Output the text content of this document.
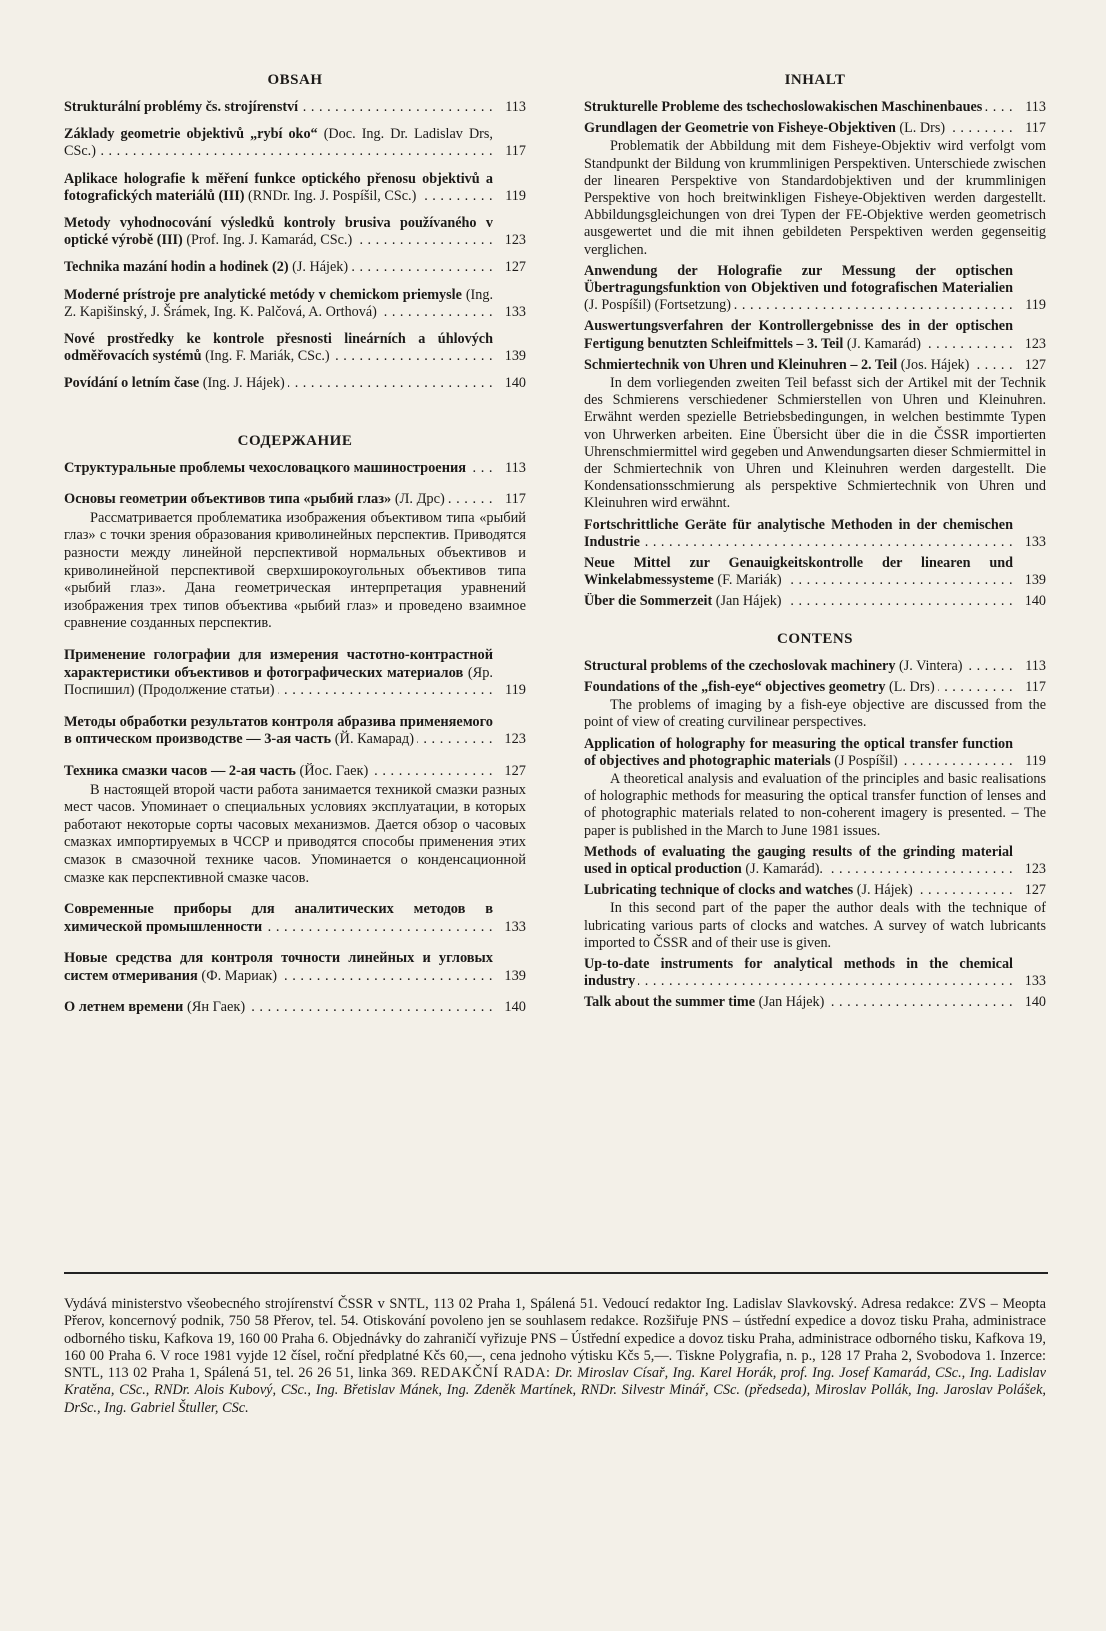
OBSAH
Strukturální problémy čs. strojírenství . . .	113
Základy geometrie objektivů „rybí oko“ (Doc. Ing. Dr. Ladislav Drs, CSc.) . . .	117
Aplikace holografie k měření funkce optického přenosu objektivů a fotografických materiálů (III) (RNDr. Ing. J. Pospíšil, CSc.) . . .	119
Metody vyhodnocování výsledků kontroly brusiva používaného v optické výrobě (III) (Prof. Ing. J. Kamarád, CSc.) . . .	123
Technika mazání hodin a hodinek (2) (J. Hájek) . . .	127
Moderné prístroje pre analytické metódy v chemickom priemysle (Ing. Z. Kapišinský, J. Šrámek, Ing. K. Palčová, A. Orthová) . . .	133
Nové prostředky ke kontrole přesnosti lineárních a úhlových odměřovacích systémů (Ing. F. Mariák, CSc.) . . .	139
Povídání o letním čase (Ing. J. Hájek) . . .	140
СОДЕРЖАНИЕ
Структуральные проблемы чехословацкого машиностроения . . .	113
Основы геометрии объективов типа «рыбий глаз» (Л. Дрс) . . .	117
Рассматривается проблематика изображения объективом типа «рыбий глаз» с точки зрения образования криволинейных перспектив. Приводятся разности между линейной перспективой нормальных объективов и криволинейной перспективой сверхширокоугольных объективов типа «рыбий глаз». Дана геометрическая интерпретация уравнений изображения трех типов объектива «рыбий глаз» и проведено взаимное сравнение созданных перспектив.
Применение голографии для измерения частотно-контрастной характеристики объективов и фотографических материалов (Яр. Поспишил) (Продолжение статьи) . . .	119
Методы обработки результатов контроля абразива применяемого в оптическом производстве — 3-ая часть (Й. Камарад) . . .	123
Техника смазки часов — 2-ая часть (Йос. Гаек) . . .	127
В настоящей второй части работа занимается техникой смазки разных мест часов. Упоминает о специальных условиях эксплуатации, в которых работают некоторые сорты часовых механизмов. Дается обзор о часовых смазках импортируемых в ЧССР и приводятся способы применения этих смазок в смазочной технике часов. Упоминается о конденсационной смазке как перспективной смазке часов.
Современные приборы для аналитических методов в химической промышленности . . .	133
Новые средства для контроля точности линейных и угловых систем отмеривания (Ф. Мариак) . . .	139
О летнем времени (Ян Гаек) . . .	140
INHALT
Strukturelle Probleme des tschechoslowakischen Maschinenbaues . . .	113
Grundlagen der Geometrie von Fisheye-Objektiven (L. Drs) . . .	117
Problematik der Abbildung mit dem Fisheye-Objektiv wird verfolgt vom Standpunkt der Bildung von krummlinigen Perspektiven. Unterschiede zwischen der linearen Perspektive von Standardobjektiven und der krummlinigen Perspektive von hoch breitwinkligen Fisheye-Objektiven werden dargestellt. Abbildungsgleichungen von drei Typen der FE-Objektive werden geometrisch ausgewertet und die mit ihnen gebildeten Perspektiven werden gegenseitig verglichen.
Anwendung der Holografie zur Messung der optischen Übertragungsfunktion von Objektiven und fotografischen Materialien (J. Pospíšil) (Fortsetzung) . . .	119
Auswertungsverfahren der Kontrollergebnisse des in der optischen Fertigung benutzten Schleifmittels – 3. Teil (J. Kamarád) . . .	123
Schmiertechnik von Uhren und Kleinuhren – 2. Teil (Jos. Hájek) . . .	127
In dem vorliegenden zweiten Teil befasst sich der Artikel mit der Technik des Schmierens verschiedener Schmierstellen von Uhren und Kleinuhren. Erwähnt werden spezielle Betriebsbedingungen, in welchen bestimmte Typen von Uhrwerken arbeiten. Eine Übersicht über die in die ČSSR importierten Uhrenschmiermittel wird gegeben und Anwendungsarten dieser Schmiermittel in der Schmiertechnik von Uhren und Kleinuhren werden dargestellt. Die Kondensationsschmierung als perspektive Schmiertechnik von Uhren und Kleinuhren wird erwähnt.
Fortschrittliche Geräte für analytische Methoden in der chemischen Industrie . . .	133
Neue Mittel zur Genauigkeitskontrolle der linearen und Winkelabmessysteme (F. Mariák) . . .	139
Über die Sommerzeit (Jan Hájek) . . .	140
CONTENS
Structural problems of the czechoslovak machinery (J. Vintera) . . .	113
Foundations of the „fish-eye“ objectives geometry (L. Drs) . . .	117
The problems of imaging by a fish-eye objective are discussed from the point of view of creating curvilinear perspectives.
Application of holography for measuring the optical transfer function of objectives and photographic materials (J Pospíšil) . . .	119
A theoretical analysis and evaluation of the principles and basic realisations of holographic methods for measuring the optical transfer function of lenses and of photographic materials related to non-coherent imagery is presented. – The paper is published in the March to June 1981 issues.
Methods of evaluating the gauging results of the grinding material used in optical production (J. Kamarád). . . .	123
Lubricating technique of clocks and watches (J. Hájek) . . .	127
In this second part of the paper the author deals with the technique of lubricating various parts of clocks and watches. A survey of watch lubricants imported to ČSSR and of their use is given.
Up-to-date instruments for analytical methods in the chemical industry . . .	133
Talk about the summer time (Jan Hájek) . . .	140
Vydává ministerstvo všeobecného strojírenství ČSSR v SNTL, 113 02 Praha 1, Spálená 51. Vedoucí redaktor Ing. Ladislav Slavkovský. Adresa redakce: ZVS – Meopta Přerov, koncernový podnik, 750 58 Přerov, tel. 54. Otiskování povoleno jen se souhlasem redakce. Rozšiřuje PNS – ústřední expedice a dovoz tisku Praha, administrace odborného tisku, Kafkova 19, 160 00 Praha 6. Objednávky do zahraničí vyřizuje PNS – Ústřední expedice a dovoz tisku Praha, administrace odborného tisku, Kafkova 19, 160 00 Praha 6. V roce 1981 vyjde 12 čísel, roční předplatné Kčs 60,—, cena jednoho výtisku Kčs 5,—. Tiskne Polygrafia, n. p., 128 17 Praha 2, Svobodova 1. Inzerce: SNTL, 113 02 Praha 1, Spálená 51, tel. 26 26 51, linka 369. REDAKČNÍ RADA: Dr. Miroslav Císař, Ing. Karel Horák, prof. Ing. Josef Kamarád, CSc., Ing. Ladislav Kratěna, CSc., RNDr. Alois Kubový, CSc., Ing. Břetislav Mánek, Ing. Zdeněk Martínek, RNDr. Silvestr Minář, CSc. (předseda), Miroslav Pollák, Ing. Jaroslav Polášek, DrSc., Ing. Gabriel Štuller, CSc.
